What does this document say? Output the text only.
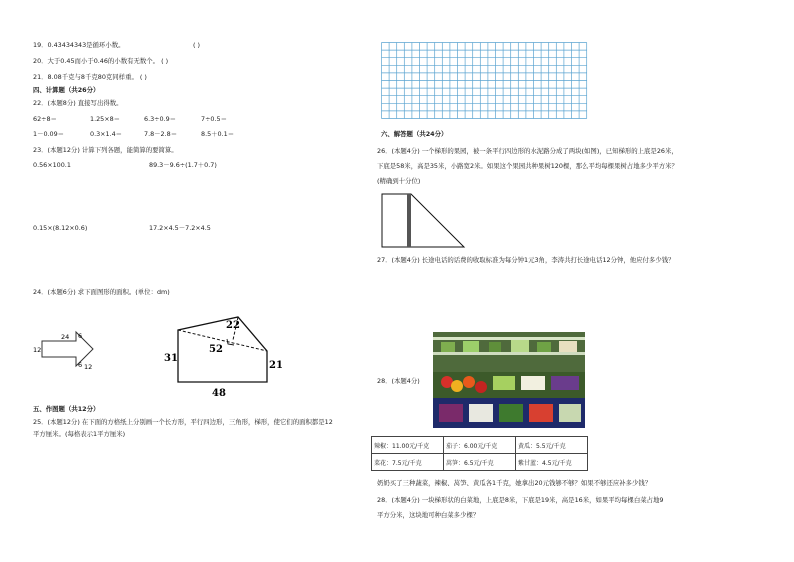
19．0.43434343是循环小数。	( )
20．大于0.45而小于0.46的小数有无数个。 ( )
21．8.08千克与8千克80克同样重。 ( )
四、计算题（共26分）
22．(本题8分) 直接写出得数。
62÷8＝	1.25×8＝	6.3÷0.9＝	7÷0.5＝
1－0.09＝	0.3×1.4＝	7.8－2.8＝	8.5＋0.1＝
23．(本题12分) 计算下列各题，能简算的要简算。
0.56×100.1	89.3－9.6÷(1.7＋0.7)
0.15×(8.12×0.6)	17.2×4.5－7.2×4.5
24．(本题6分) 求下面图形的面积。(单位：dm)
24 6
12
6 12
22
52
31
21
48
五、作图题（共12分）
25．(本题12分) 在下面的方格纸上分别画一个长方形，平行四边形，三角形，梯形，使它们的面积都是12
平方厘米。(每格表示1平方厘米)
六、解答题（共24分）
26．(本题4分) 一个梯形的果园，被一条平行四边形的水泥路分成了两块(如图)，已知梯形的上底是26米，
下底是58米，高是35米，小路宽2米。如果这个果园共种果树120棵，那么平均每棵果树占地多少平方米？
(精确到十分位)
27．(本题4分) 长途电话的话费的收取标准为每分钟1元3角，李涛共打长途电话12分钟，他应付多少钱？
28．(本题4分)
辣椒：11.00元/千克	茄子：6.00元/千克	黄瓜：5.5元/千克
菜花：7.5元/千克	莴笋：6.5元/千克	紫甘蓝：4.5元/千克
奶奶买了三种蔬菜，辣椒、莴笋、黄瓜各1千克，她拿出20元钱够不够？如果不够还应补多少钱？
28．(本题4分) 一块梯形状的白菜地，上底是8米，下底是19米，高是16米，如果平均每棵白菜占地9
平方分米，这块地可种白菜多少棵？
